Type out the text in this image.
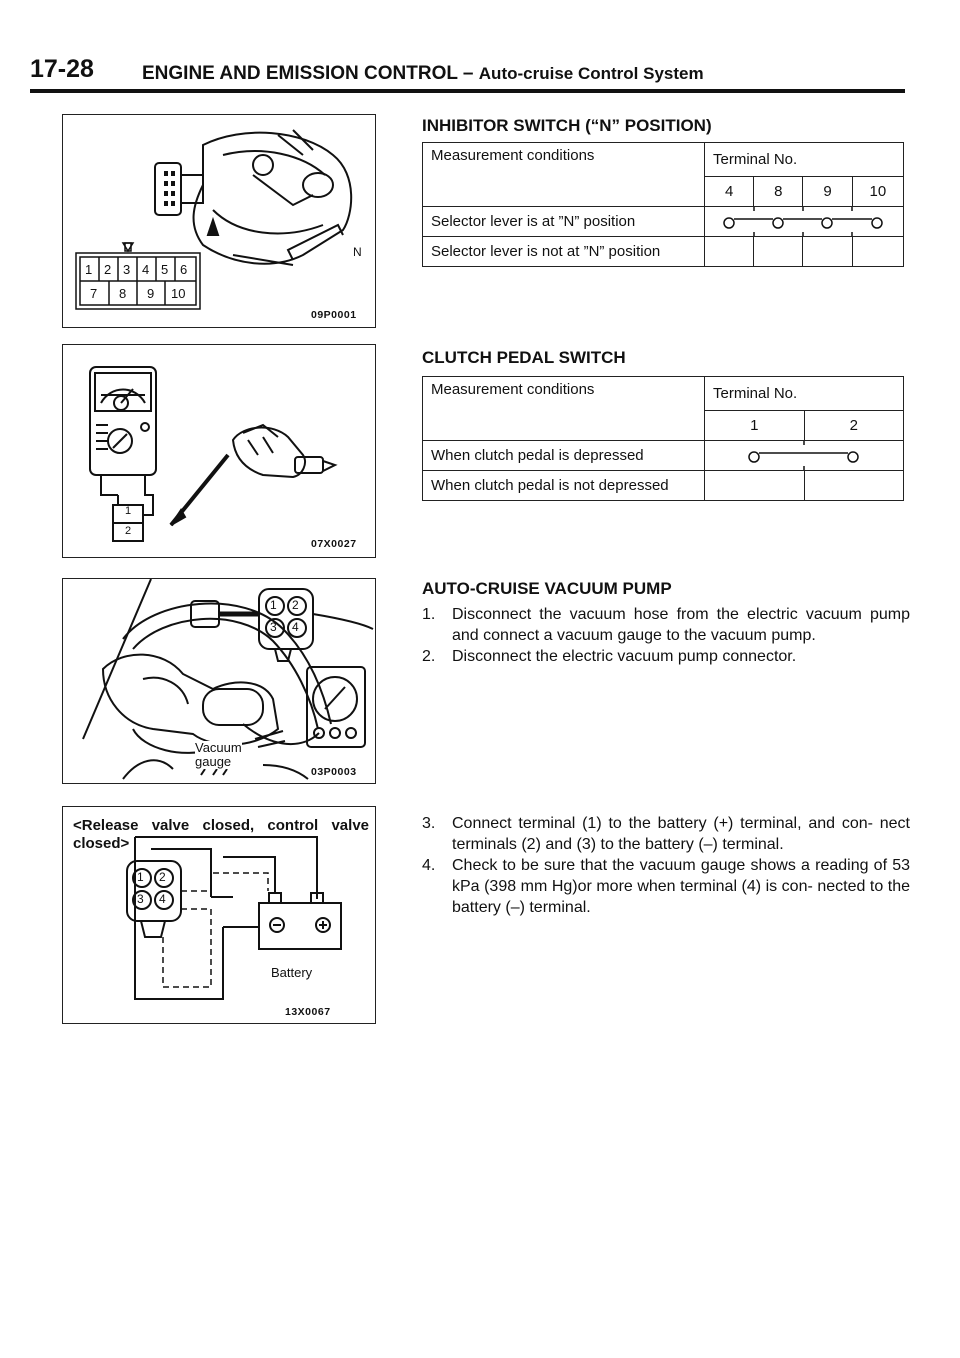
17-28	ENGINE AND EMISSION CONTROL – Auto-cruise Control System
1 2 3 4 5 6
7 8 9 10
N
09P0001
1
2
07X0027
1 2
3 4
Vacuum
gauge
03P0003
<Release valve closed, control valve closed>
1 2
3 4
Battery
13X0067
INHIBITOR SWITCH (“N” POSITION)
Measurement conditions	Terminal No.			
	4	8	9	10
Selector lever is at ”N” position	

Selector lever is not at ”N” position				
CLUTCH PEDAL SWITCH
Measurement conditions	Terminal No.	
	1	2
When clutch pedal is depressed	

When clutch pedal is not depressed		
AUTO-CRUISE VACUUM PUMP
1.	Disconnect the vacuum hose from the electric vacuum pump and connect a vacuum gauge to the vacuum pump.
2.	Disconnect the electric vacuum pump connector.
3.	Connect terminal (1) to the battery (+) terminal, and con- nect terminals (2) and (3) to the battery (–) terminal.
4.	Check to be sure that the vacuum gauge shows a reading of 53 kPa (398 mm Hg)or more when terminal (4) is con- nected to the battery (–) terminal.
